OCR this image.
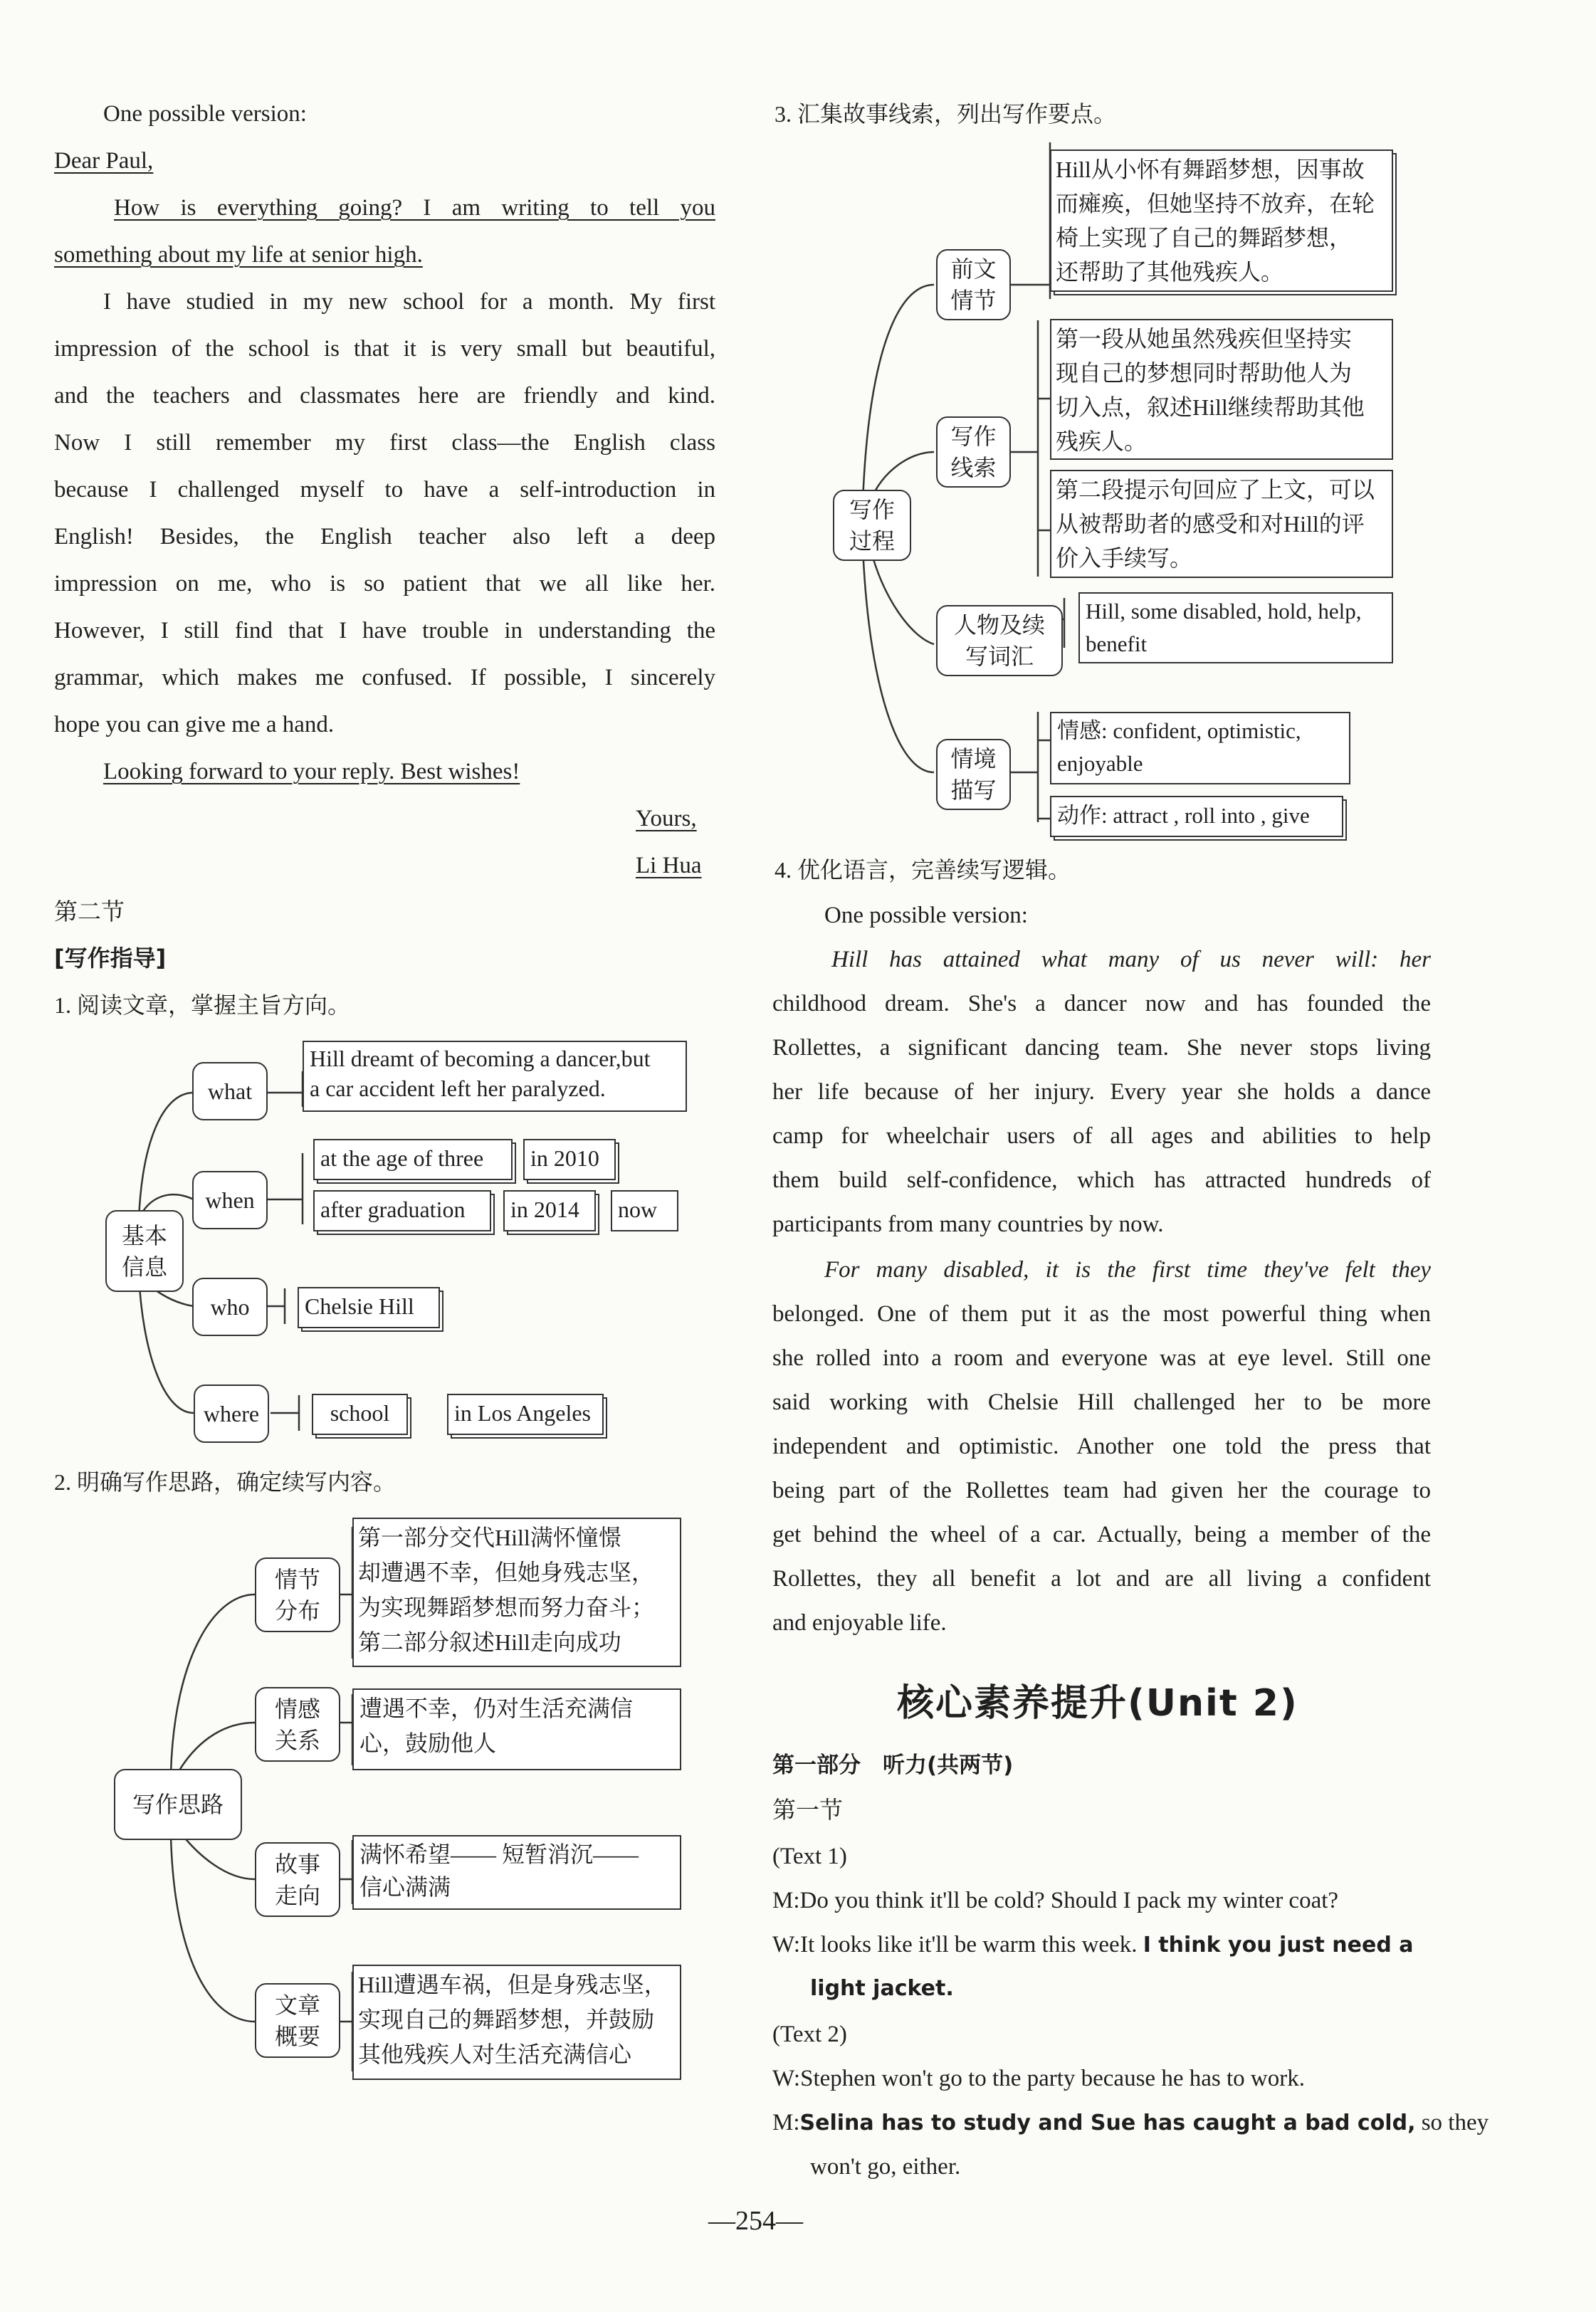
One possible version:
Dear Paul,
How is everything going? I am writing to tell you
something about my life at senior high.
I have studied in my new school for a month. My first
impression of the school is that it is very small but beautiful,
and the teachers and classmates here are friendly and kind.
Now I still remember my first class—the English class
because I challenged myself to have a self-introduction in
English! Besides, the English teacher also left a deep
impression on me, who is so patient that we all like her.
However, I still find that I have trouble in understanding the
grammar, which makes me confused. If possible, I sincerely
hope you can give me a hand.
Looking forward to your reply. Best wishes!
Yours,
Li Hua
第二节
[写作指导]
1. 阅读文章，掌握主旨方向。
基本
信息
what
Hill dreamt of becoming a dancer,but
a car accident left her paralyzed.
when
at the age of three	in 2010
after graduation	in 2014	now
who	Chelsie Hill
where	school	in Los Angeles
2. 明确写作思路，确定续写内容。
写作思路
情节
分布
第一部分交代Hill满怀憧憬
却遭遇不幸，但她身残志坚，
为实现舞蹈梦想而努力奋斗；
第二部分叙述Hill走向成功
情感
关系
遭遇不幸，仍对生活充满信
心，鼓励他人
故事
走向
满怀希望—— 短暂消沉——
信心满满
文章
概要
Hill遭遇车祸，但是身残志坚，
实现自己的舞蹈梦想，并鼓励
其他残疾人对生活充满信心
3. 汇集故事线索，列出写作要点。
写作
过程
前文
情节
Hill从小怀有舞蹈梦想，因事故
而瘫痪，但她坚持不放弃，在轮
椅上实现了自己的舞蹈梦想，
还帮助了其他残疾人。
写作
线索
第一段从她虽然残疾但坚持实
现自己的梦想同时帮助他人为
切入点，叙述Hill继续帮助其他
残疾人。
第二段提示句回应了上文，可以
从被帮助者的感受和对Hill的评
价入手续写。
人物及续
写词汇
Hill, some disabled, hold, help,
benefit
情境
描写
情感: confident, optimistic,
enjoyable
动作: attract , roll into , give
4. 优化语言，完善续写逻辑。
One possible version:
Hill has attained what many of us never will: her
childhood dream. She's a dancer now and has founded the
Rollettes, a significant dancing team. She never stops living
her life because of her injury. Every year she holds a dance
camp for wheelchair users of all ages and abilities to help
them build self-confidence, which has attracted hundreds of
participants from many countries by now.
For many disabled, it is the first time they've felt they
belonged. One of them put it as the most powerful thing when
she rolled into a room and everyone was at eye level. Still one
said working with Chelsie Hill challenged her to be more
independent and optimistic. Another one told the press that
being part of the Rollettes team had given her the courage to
get behind the wheel of a car. Actually, being a member of the
Rollettes, they all benefit a lot and are all living a confident
and enjoyable life.
核心素养提升(Unit 2)
第一部分　听力(共两节)
第一节
(Text 1)
M:Do you think it'll be cold? Should I pack my winter coat?
W:It looks like it'll be warm this week. I think you just need a
light jacket.
(Text 2)
W:Stephen won't go to the party because he has to work.
M:Selina has to study and Sue has caught a bad cold, so they
won't go, either.
—254—
